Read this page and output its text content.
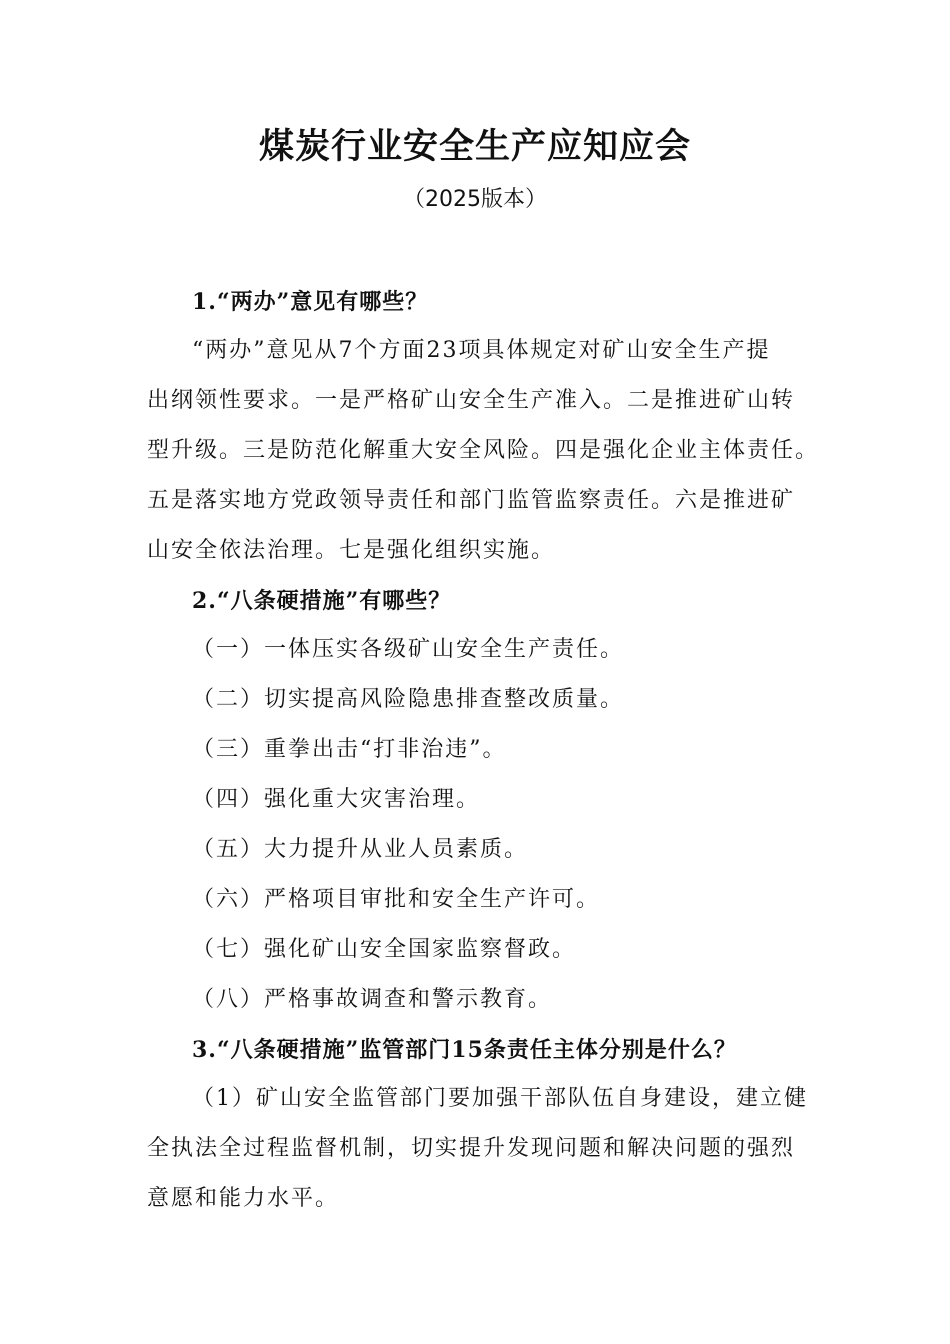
煤炭行业安全生产应知应会
（2025版本）
1.“两办”意见有哪些？
“两办”意见从7个方面23项具体规定对矿山安全生产提
出纲领性要求。一是严格矿山安全生产准入。二是推进矿山转
型升级。三是防范化解重大安全风险。四是强化企业主体责任。
五是落实地方党政领导责任和部门监管监察责任。六是推进矿
山安全依法治理。七是强化组织实施。
2.“八条硬措施”有哪些？
（一）一体压实各级矿山安全生产责任。
（二）切实提高风险隐患排查整改质量。
（三）重拳出击“打非治违”。
（四）强化重大灾害治理。
（五）大力提升从业人员素质。
（六）严格项目审批和安全生产许可。
（七）强化矿山安全国家监察督政。
（八）严格事故调查和警示教育。
3.“八条硬措施”监管部门15条责任主体分别是什么？
（1）矿山安全监管部门要加强干部队伍自身建设，建立健
全执法全过程监督机制，切实提升发现问题和解决问题的强烈
意愿和能力水平。
